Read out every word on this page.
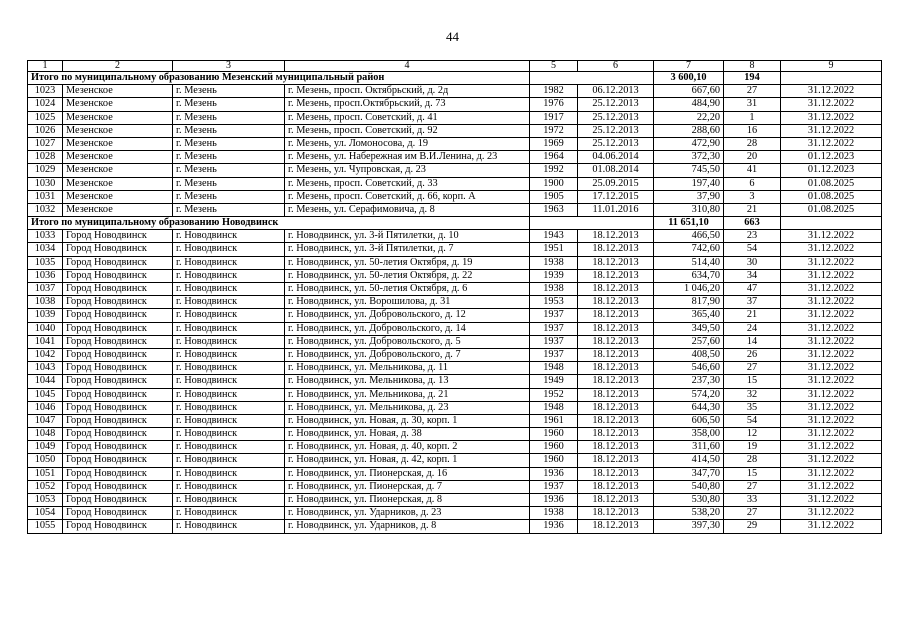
44
1	2	3	4	5	6	7	8	9
Итого по муниципальному образованию Мезенский муниципальный район						3 600,10	194	
1023	Мезенское	г. Мезень	г. Мезень, просп. Октябрьский, д. 2д	1982	06.12.2013	667,60	27	31.12.2022
1024	Мезенское	г. Мезень	г. Мезень, просп.Октябрьский, д. 73	1976	25.12.2013	484,90	31	31.12.2022
1025	Мезенское	г. Мезень	г. Мезень, просп. Советский, д. 41	1917	25.12.2013	22,20	1	31.12.2022
1026	Мезенское	г. Мезень	г. Мезень, просп. Советский, д. 92	1972	25.12.2013	288,60	16	31.12.2022
1027	Мезенское	г. Мезень	г. Мезень, ул. Ломоносова, д. 19	1969	25.12.2013	472,90	28	31.12.2022
1028	Мезенское	г. Мезень	г. Мезень, ул. Набережная им В.И.Ленина, д. 23	1964	04.06.2014	372,30	20	01.12.2023
1029	Мезенское	г. Мезень	г. Мезень, ул. Чупровская, д. 23	1992	01.08.2014	745,50	41	01.12.2023
1030	Мезенское	г. Мезень	г. Мезень, просп. Советский, д. 33	1900	25.09.2015	197,40	6	01.08.2025
1031	Мезенское	г. Мезень	г. Мезень, просп. Советский, д. 66, корп. А	1905	17.12.2015	37,90	3	01.08.2025
1032	Мезенское	г. Мезень	г. Мезень, ул. Серафимовича, д. 8	1963	11.01.2016	310,80	21	01.08.2025
Итого по муниципальному образованию Новодвинск						11 651,10	663	
1033	Город Новодвинск	г. Новодвинск	г. Новодвинск, ул. 3-й Пятилетки, д. 10	1943	18.12.2013	466,50	23	31.12.2022
1034	Город Новодвинск	г. Новодвинск	г. Новодвинск, ул. 3-й Пятилетки, д. 7	1951	18.12.2013	742,60	54	31.12.2022
1035	Город Новодвинск	г. Новодвинск	г. Новодвинск, ул. 50-летия Октября, д. 19	1938	18.12.2013	514,40	30	31.12.2022
1036	Город Новодвинск	г. Новодвинск	г. Новодвинск, ул. 50-летия Октября, д. 22	1939	18.12.2013	634,70	34	31.12.2022
1037	Город Новодвинск	г. Новодвинск	г. Новодвинск, ул. 50-летия Октября, д. 6	1938	18.12.2013	1 046,20	47	31.12.2022
1038	Город Новодвинск	г. Новодвинск	г. Новодвинск, ул. Ворошилова, д. 31	1953	18.12.2013	817,90	37	31.12.2022
1039	Город Новодвинск	г. Новодвинск	г. Новодвинск, ул. Добровольского, д. 12	1937	18.12.2013	365,40	21	31.12.2022
1040	Город Новодвинск	г. Новодвинск	г. Новодвинск, ул. Добровольского, д. 14	1937	18.12.2013	349,50	24	31.12.2022
1041	Город Новодвинск	г. Новодвинск	г. Новодвинск, ул. Добровольского, д. 5	1937	18.12.2013	257,60	14	31.12.2022
1042	Город Новодвинск	г. Новодвинск	г. Новодвинск, ул. Добровольского, д. 7	1937	18.12.2013	408,50	26	31.12.2022
1043	Город Новодвинск	г. Новодвинск	г. Новодвинск, ул. Мельникова, д. 11	1948	18.12.2013	546,60	27	31.12.2022
1044	Город Новодвинск	г. Новодвинск	г. Новодвинск, ул. Мельникова, д. 13	1949	18.12.2013	237,30	15	31.12.2022
1045	Город Новодвинск	г. Новодвинск	г. Новодвинск, ул. Мельникова, д. 21	1952	18.12.2013	574,20	32	31.12.2022
1046	Город Новодвинск	г. Новодвинск	г. Новодвинск, ул. Мельникова, д. 23	1948	18.12.2013	644,30	35	31.12.2022
1047	Город Новодвинск	г. Новодвинск	г. Новодвинск, ул. Новая, д. 30, корп. 1	1961	18.12.2013	606,50	54	31.12.2022
1048	Город Новодвинск	г. Новодвинск	г. Новодвинск, ул. Новая, д. 38	1960	18.12.2013	358,00	12	31.12.2022
1049	Город Новодвинск	г. Новодвинск	г. Новодвинск, ул. Новая, д. 40, корп. 2	1960	18.12.2013	311,60	19	31.12.2022
1050	Город Новодвинск	г. Новодвинск	г. Новодвинск, ул. Новая, д. 42, корп. 1	1960	18.12.2013	414,50	28	31.12.2022
1051	Город Новодвинск	г. Новодвинск	г. Новодвинск, ул. Пионерская, д. 16	1936	18.12.2013	347,70	15	31.12.2022
1052	Город Новодвинск	г. Новодвинск	г. Новодвинск, ул. Пионерская, д. 7	1937	18.12.2013	540,80	27	31.12.2022
1053	Город Новодвинск	г. Новодвинск	г. Новодвинск, ул. Пионерская, д. 8	1936	18.12.2013	530,80	33	31.12.2022
1054	Город Новодвинск	г. Новодвинск	г. Новодвинск, ул. Ударников, д. 23	1938	18.12.2013	538,20	27	31.12.2022
1055	Город Новодвинск	г. Новодвинск	г. Новодвинск, ул. Ударников, д. 8	1936	18.12.2013	397,30	29	31.12.2022
